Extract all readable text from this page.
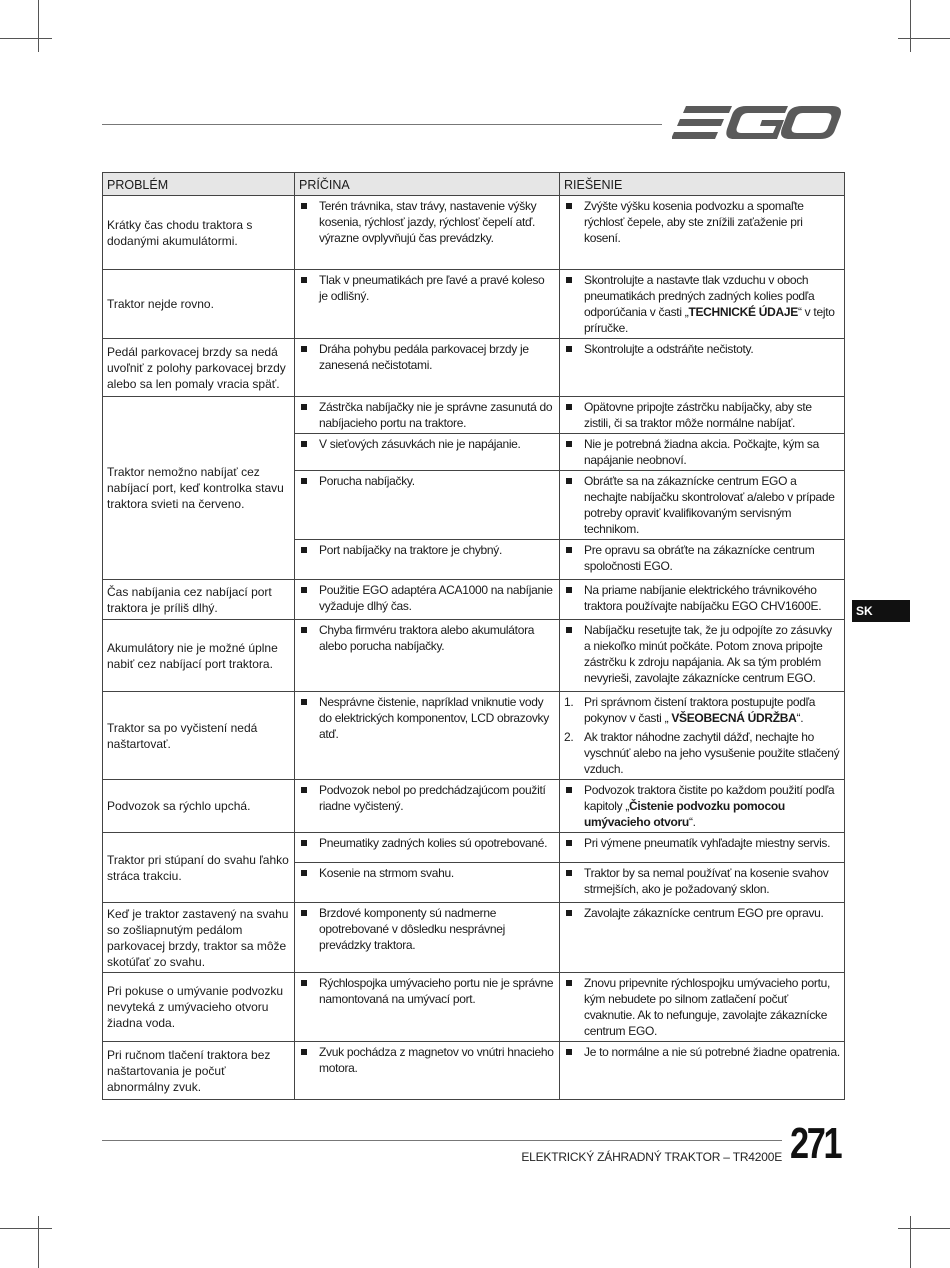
PROBLÉM	PRÍČINA	RIEŠENIE
Krátky čas chodu traktora s dodanými akumulátormi.	Terén trávnika, stav trávy, nastavenie výšky kosenia, rýchlosť jazdy, rýchlosť čepelí atď. výrazne ovplyvňujú čas prevádzky.	Zvýšte výšku kosenia podvozku a spomaľte rýchlosť čepele, aby ste znížili zaťaženie pri kosení.

Traktor nejde rovno.	Tlak v pneumatikách pre ľavé a pravé koleso je odlišný.	Skontrolujte a nastavte tlak vzduchu v oboch pneumatikách predných zadných kolies podľa odporúčania v časti „TECHNICKÉ ÚDAJE“ v tejto príručke.

Pedál parkovacej brzdy sa nedá uvoľniť z polohy parkovacej brzdy alebo sa len pomaly vracia späť.	Dráha pohybu pedála parkovacej brzdy je zanesená nečistotami.	Skontrolujte a odstráňte nečistoty.

Traktor nemožno nabíjať cez nabíjací port, keď kontrolka stavu traktora svieti na červeno.	Zástrčka nabíjačky nie je správne zasunutá do nabíjacieho portu na traktore.	Opätovne pripojte zástrčku nabíjačky, aby ste zistili, či sa traktor môže normálne nabíjať.

V sieťových zásuvkách nie je napájanie.	Nie je potrebná žiadna akcia. Počkajte, kým sa napájanie neobnoví.

Porucha nabíjačky.	Obráťte sa na zákaznícke centrum EGO a nechajte nabíjačku skontrolovať a/alebo v prípade potreby opraviť kvalifikovaným servisným technikom.

Port nabíjačky na traktore je chybný.	Pre opravu sa obráťte na zákaznícke centrum spoločnosti EGO.

Čas nabíjania cez nabíjací port traktora je príliš dlhý.	Použitie EGO adaptéra ACA1000 na nabíjanie vyžaduje dlhý čas.	Na priame nabíjanie elektrického trávnikového traktora používajte nabíjačku EGO CHV1600E.

Akumulátory nie je možné úplne nabiť cez nabíjací port traktora.	Chyba firmvéru traktora alebo akumulátora alebo porucha nabíjačky.	Nabíjačku resetujte tak, že ju odpojíte zo zásuvky a niekoľko minút počkáte. Potom znova pripojte zástrčku k zdroju napájania. Ak sa tým problém nevyrieši, zavolajte zákaznícke centrum EGO.

Traktor sa po vyčistení nedá naštartovať.	Nesprávne čistenie, napríklad vniknutie vody do elektrických komponentov, LCD obrazovky atď.	1. Pri správnom čistení traktora postupujte podľa pokynov v časti „ VŠEOBECNÁ ÚDRŽBA“.
2. Ak traktor náhodne zachytil dážď, nechajte ho vyschnúť alebo na jeho vysušenie použite stlačený vzduch.

Podvozok sa rýchlo upchá.	Podvozok nebol po predchádzajúcom použití riadne vyčistený.	Podvozok traktora čistite po každom použití podľa kapitoly „Čistenie podvozku pomocou umývacieho otvoru“.

Traktor pri stúpaní do svahu ľahko stráca trakciu.	Pneumatiky zadných kolies sú opotrebované.	Pri výmene pneumatík vyhľadajte miestny servis.

Kosenie na strmom svahu.	Traktor by sa nemal používať na kosenie svahov strmejších, ako je požadovaný sklon.

Keď je traktor zastavený na svahu so zošliapnutým pedálom parkovacej brzdy, traktor sa môže skotúľať zo svahu.	Brzdové komponenty sú nadmerne opotrebované v dôsledku nesprávnej prevádzky traktora.	Zavolajte zákaznícke centrum EGO pre opravu.

Pri pokuse o umývanie podvozku nevyteká z umývacieho otvoru žiadna voda.	Rýchlospojka umývacieho portu nie je správne namontovaná na umývací port.	Znovu pripevnite rýchlospojku umývacieho portu, kým nebudete po silnom zatlačení počuť cvaknutie. Ak to nefunguje, zavolajte zákaznícke centrum EGO.

Pri ručnom tlačení traktora bez naštartovania je počuť abnormálny zvuk.	Zvuk pochádza z magnetov vo vnútri hnacieho motora.	Je to normálne a nie sú potrebné žiadne opatrenia.
SK
ELEKTRICKÝ ZÁHRADNÝ TRAKTOR – TR4200E 271
